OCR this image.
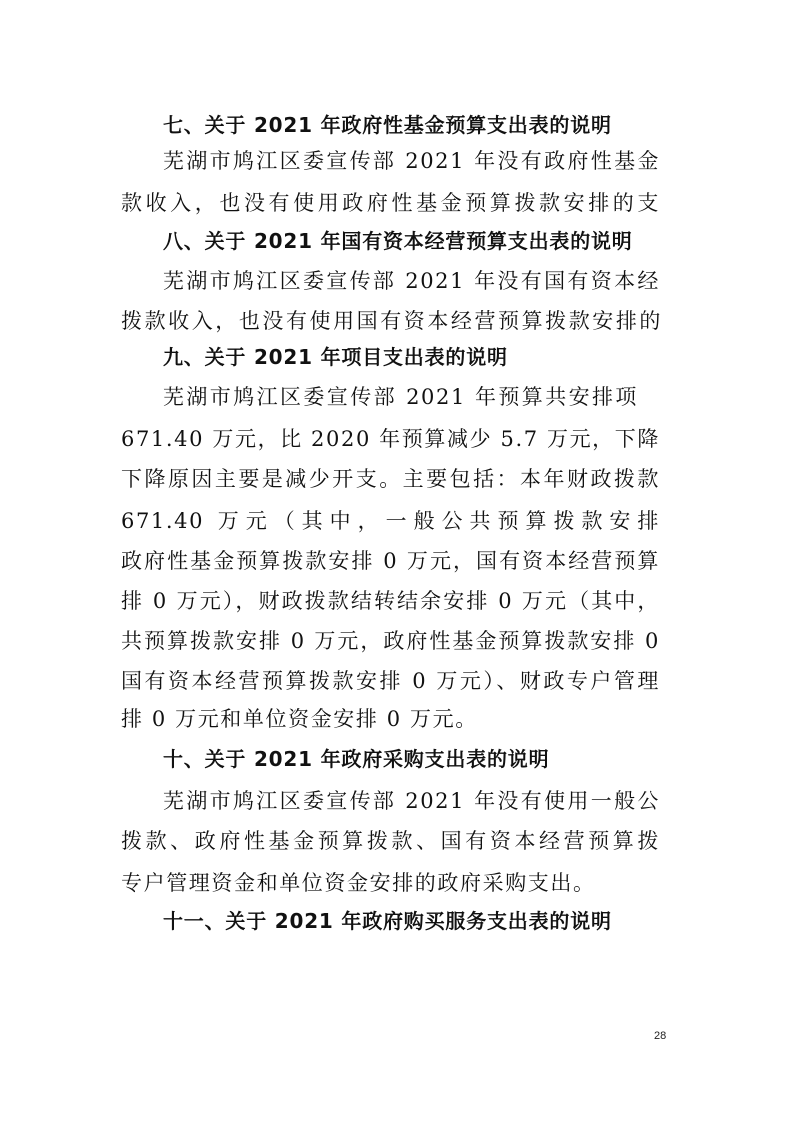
七、关于 2021 年政府性基金预算支出表的说明
芜湖市鸠江区委宣传部 2021 年没有政府性基金
款收入，也没有使用政府性基金预算拨款安排的支
八、关于 2021 年国有资本经营预算支出表的说明
芜湖市鸠江区委宣传部 2021 年没有国有资本经
拨款收入，也没有使用国有资本经营预算拨款安排的
九、关于 2021 年项目支出表的说明
芜湖市鸠江区委宣传部 2021 年预算共安排项
671.40 万元，比 2020 年预算减少 5.7 万元，下降
下降原因主要是减少开支。主要包括：本年财政拨款
671.40 万元（其中，一般公共预算拨款安排
政府性基金预算拨款安排 0 万元，国有资本经营预算
排 0 万元），财政拨款结转结余安排 0 万元（其中，
共预算拨款安排 0 万元，政府性基金预算拨款安排 0
国有资本经营预算拨款安排 0 万元）、财政专户管理
排 0 万元和单位资金安排 0 万元。
十、关于 2021 年政府采购支出表的说明
芜湖市鸠江区委宣传部 2021 年没有使用一般公
拨款、政府性基金预算拨款、国有资本经营预算拨
专户管理资金和单位资金安排的政府采购支出。
十一、关于 2021 年政府购买服务支出表的说明
28
